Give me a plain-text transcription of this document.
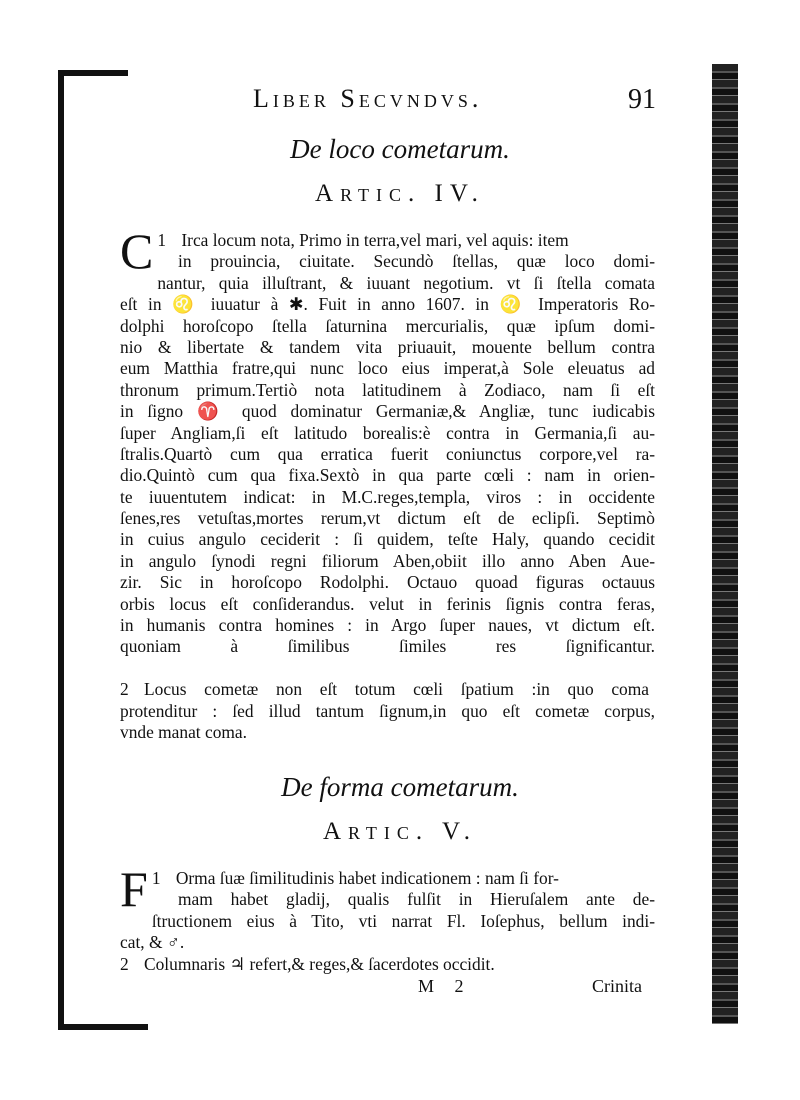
Liber Secvndvs.	91
De loco cometarum.
Artic. IV.
1
C Irca locum nota, Primo in terra,vel mari, vel aquis: item
in prouincia, ciuitate. Secundò ſtellas, quæ loco domi-
nantur, quia illuſtrant, & iuuant negotium. vt ſi ſtella comata
eſt in ♌ iuuatur à ✱. Fuit in anno 1607. in ♌ Imperatoris Ro-
dolphi horoſcopo ſtella ſaturnina mercurialis, quæ ipſum domi-
nio & libertate & tandem vita priuauit, mouente bellum contra
eum Matthia fratre,qui nunc loco eius imperat,à Sole eleuatus ad
thronum primum.Tertiò nota latitudinem à Zodiaco, nam ſi eſt
in ſigno ♈ quod dominatur Germaniæ,& Angliæ, tunc iudicabis
ſuper Angliam,ſi eſt latitudo borealis:è contra in Germania,ſi au-
ſtralis.Quartò cum qua erratica fuerit coniunctus corpore,vel ra-
dio.Quintò cum qua fixa.Sextò in qua parte cœli : nam in orien-
te iuuentutem indicat: in M.C.reges,templa, viros : in occidente
ſenes,res vetuſtas,mortes rerum,vt dictum eſt de eclipſi. Septimò
in cuius angulo ceciderit : ſi quidem, teſte Haly, quando cecidit
in angulo ſynodi regni filiorum Aben,obiit illo anno Aben Aue-
zir. Sic in horoſcopo Rodolphi. Octauo quoad figuras octauus
orbis locus eſt conſiderandus. velut in ferinis ſignis contra feras,
in humanis contra homines : in Argo ſuper naues, vt dictum eſt.
quoniam à ſimilibus ſimiles res ſignificantur.
2 Locus cometæ non eſt totum cœli ſpatium :in quo coma
protenditur : ſed illud tantum ſignum,in quo eſt cometæ corpus,
vnde manat coma.
De forma cometarum.
Artic. V.
1
F Orma ſuæ ſimilitudinis habet indicationem : nam ſi for-
mam habet gladij, qualis fulſit in Hieruſalem ante de-
ſtructionem eius à Tito, vti narrat Fl. Ioſephus, bellum indi-
cat, & ♂.
2 Columnaris ♃ refert,& reges,& ſacerdotes occidit.
M 2	Crinita
